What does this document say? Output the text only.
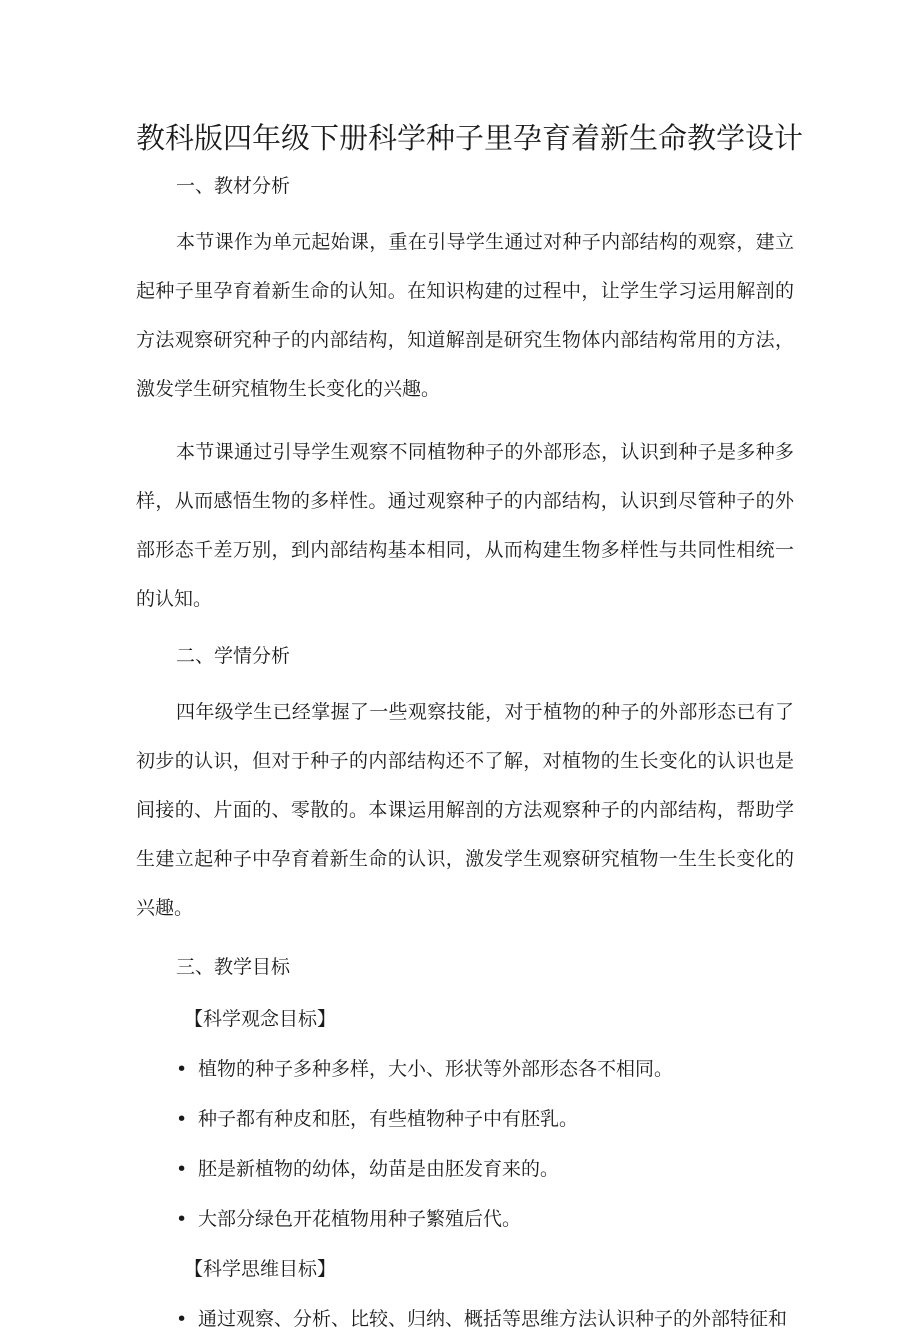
教科版四年级下册科学种子里孕育着新生命教学设计

一、教材分析

本节课作为单元起始课，重在引导学生通过对种子内部结构的观察，建立起种子里孕育着新生命的认知。在知识构建的过程中，让学生学习运用解剖的方法观察研究种子的内部结构，知道解剖是研究生物体内部结构常用的方法，激发学生研究植物生长变化的兴趣。

本节课通过引导学生观察不同植物种子的外部形态，认识到种子是多种多样，从而感悟生物的多样性。通过观察种子的内部结构，认识到尽管种子的外部形态千差万别，到内部结构基本相同，从而构建生物多样性与共同性相统一的认知。

二、学情分析

四年级学生已经掌握了一些观察技能，对于植物的种子的外部形态已有了初步的认识，但对于种子的内部结构还不了解，对植物的生长变化的认识也是间接的、片面的、零散的。本课运用解剖的方法观察种子的内部结构，帮助学生建立起种子中孕育着新生命的认识，激发学生观察研究植物一生生长变化的兴趣。

三、教学目标

【科学观念目标】

• 植物的种子多种多样，大小、形状等外部形态各不相同。

• 种子都有种皮和胚，有些植物种子中有胚乳。

• 胚是新植物的幼体，幼苗是由胚发育来的。

• 大部分绿色开花植物用种子繁殖后代。

【科学思维目标】

• 通过观察、分析、比较、归纳、概括等思维方法认识种子的外部特征和
